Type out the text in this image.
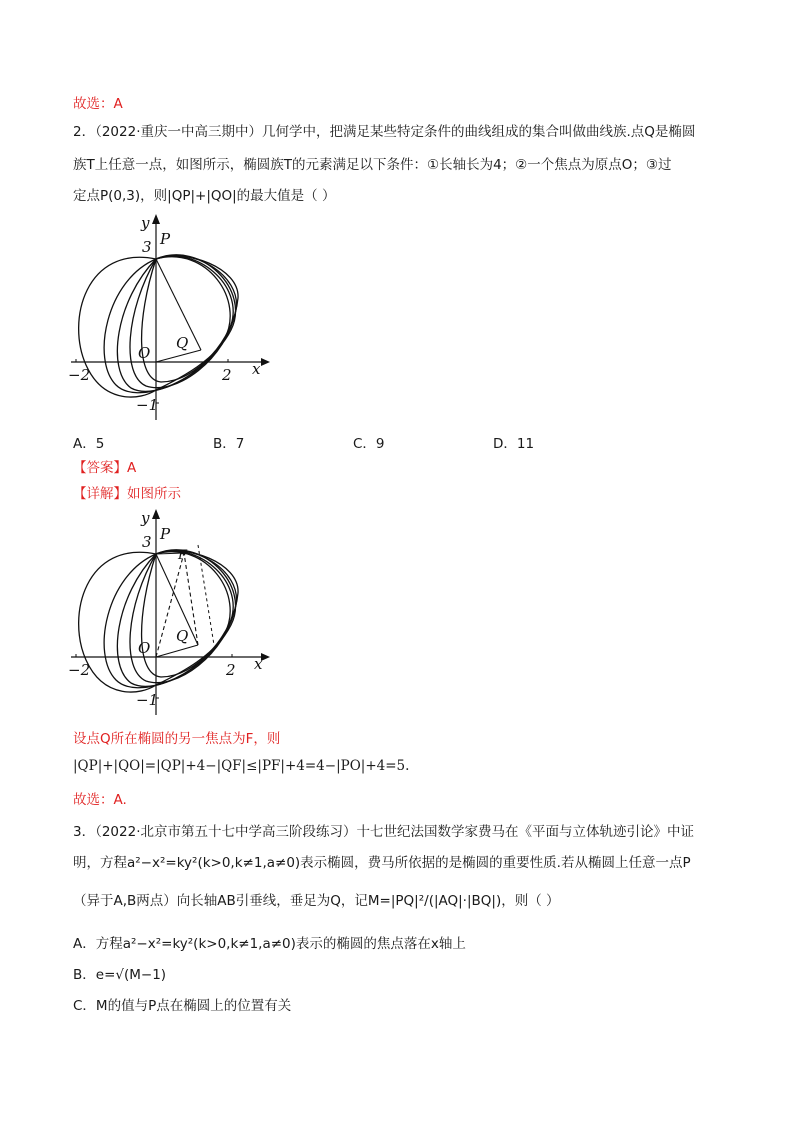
故选：A
2．（2022·重庆一中高三期中）几何学中，把满足某些特定条件的曲线组成的集合叫做曲线族.点Q是椭圆
族T上任意一点，如图所示，椭圆族T的元素满足以下条件：①长轴长为4；②一个焦点为原点O；③过
定点P(0,3)，则|QP|+|QO|的最大值是（ ）
y
3 P
O
Q
−2	2 x
−1
A．5	B．7	C．9	D．11
【答案】A
【详解】如图所示
y
3 P
F
O
Q
−2	2 x
−1
设点Q所在椭圆的另一焦点为F，则
|QP|+|QO|=|QP|+4−|QF|≤|PF|+4=4−|PO|+4=5.
故选：A.
3．（2022·北京市第五十七中学高三阶段练习）十七世纪法国数学家费马在《平面与立体轨迹引论》中证
明，方程a²−x²=ky²(k>0,k≠1,a≠0)表示椭圆，费马所依据的是椭圆的重要性质.若从椭圆上任意一点P
（异于A,B两点）向长轴AB引垂线，垂足为Q，记M=|PQ|²/(|AQ|·|BQ|)，则（ ）
A．方程a²−x²=ky²(k>0,k≠1,a≠0)表示的椭圆的焦点落在x轴上
B．e=√(M−1)
C．M的值与P点在椭圆上的位置有关
